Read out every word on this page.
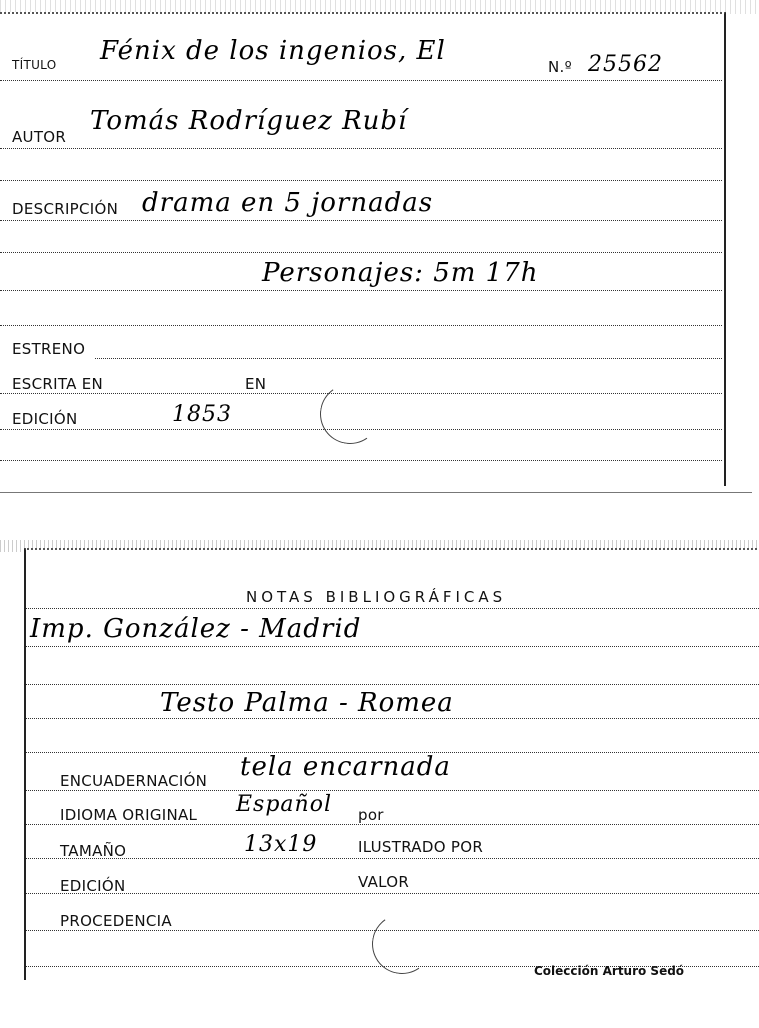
TÍTULO Fénix de los ingenios, El
N.º 25562
AUTOR
Tomás Rodríguez Rubí
DESCRIPCIÓN drama en 5 jornadas
Personajes: 5m 17h
ESTRENO
ESCRITA EN	EN
EDICIÓN	1853
NOTAS BIBLIOGRÁFICAS
Imp. González - Madrid
Testo Palma - Romea
ENCUADERNACIÓN tela encarnada
IDIOMA ORIGINAL Español por
TAMAÑO	13x19	ILUSTRADO POR
EDICIÓN	VALOR
PROCEDENCIA
Colección Arturo Sedó
